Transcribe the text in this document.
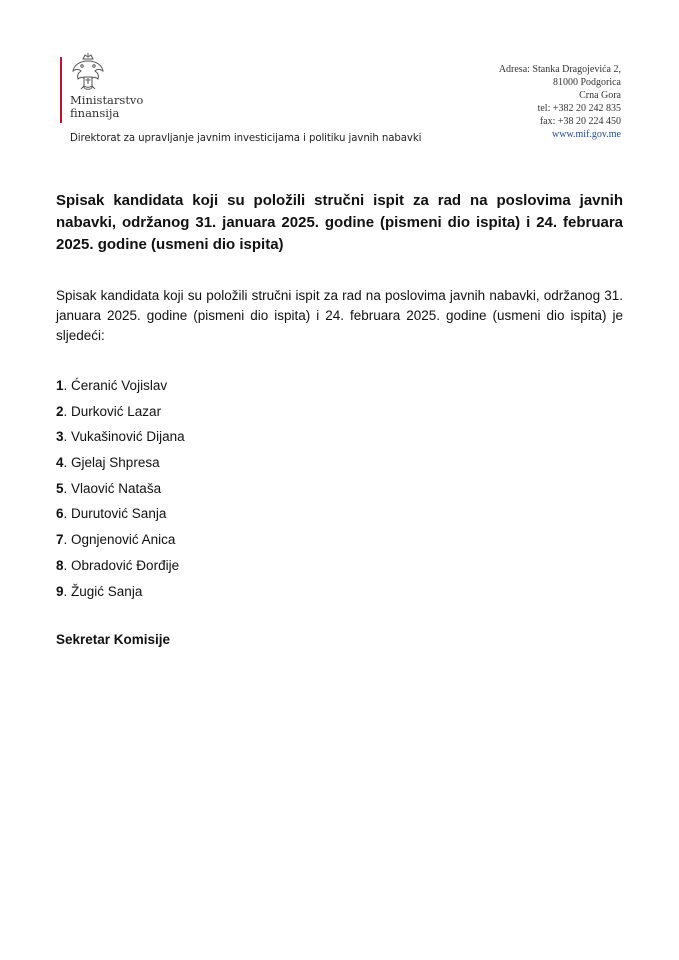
Ministarstvo
finansija
Direktorat za upravljanje javnim investicijama i politiku javnih nabavki
Adresa: Stanka Dragojevića 2,
81000 Podgorica
Crna Gora
tel: +382 20 242 835
fax: +38 20 224 450
www.mif.gov.me
Spisak kandidata koji su položili stručni ispit za rad na poslovima javnih nabavki, održanog 31. januara 2025. godine (pismeni dio ispita) i 24. februara 2025. godine (usmeni dio ispita)
Spisak kandidata koji su položili stručni ispit za rad na poslovima javnih nabavki, održanog 31. januara 2025. godine (pismeni dio ispita) i 24. februara 2025. godine (usmeni dio ispita) je sljedeći:
1. Ćeranić Vojislav
2. Durković Lazar
3. Vukašinović Dijana
4. Gjelaj Shpresa
5. Vlaović Nataša
6. Durutović Sanja
7. Ognjenović Anica
8. Obradović Đorđije
9. Žugić Sanja
Sekretar Komisije
